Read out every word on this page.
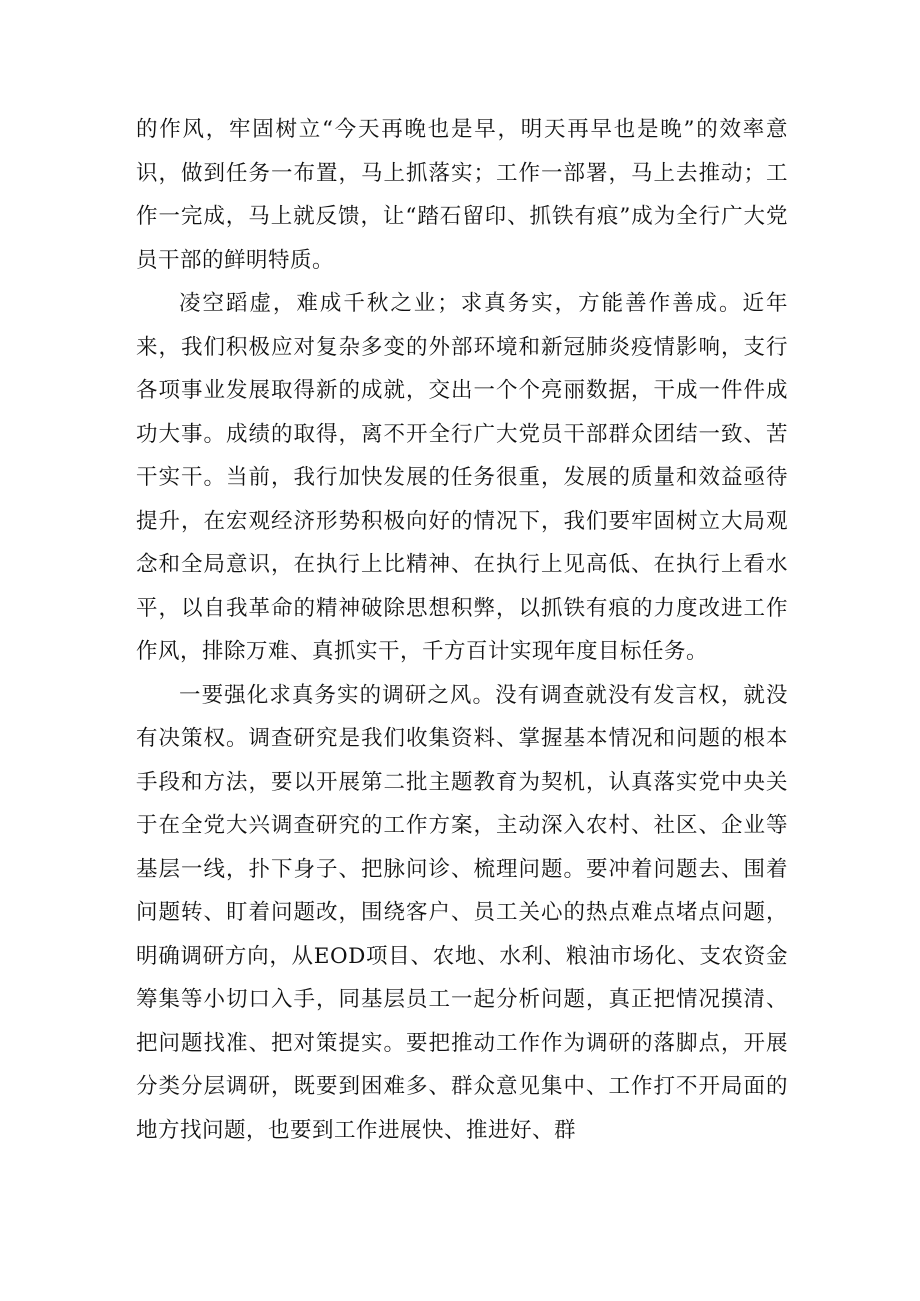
的作风，牢固树立“今天再晚也是早，明天再早也是晚”的效率意识，做到任务一布置，马上抓落实；工作一部署，马上去推动；工作一完成，马上就反馈，让“踏石留印、抓铁有痕”成为全行广大党员干部的鲜明特质。

凌空蹈虚，难成千秋之业；求真务实，方能善作善成。近年来，我们积极应对复杂多变的外部环境和新冠肺炎疫情影响，支行各项事业发展取得新的成就，交出一个个亮丽数据，干成一件件成功大事。成绩的取得，离不开全行广大党员干部群众团结一致、苦干实干。当前，我行加快发展的任务很重，发展的质量和效益亟待提升，在宏观经济形势积极向好的情况下，我们要牢固树立大局观念和全局意识，在执行上比精神、在执行上见高低、在执行上看水平，以自我革命的精神破除思想积弊，以抓铁有痕的力度改进工作作风，排除万难、真抓实干，千方百计实现年度目标任务。

一要强化求真务实的调研之风。没有调查就没有发言权，就没有决策权。调查研究是我们收集资料、掌握基本情况和问题的根本手段和方法，要以开展第二批主题教育为契机，认真落实党中央关于在全党大兴调查研究的工作方案，主动深入农村、社区、企业等基层一线，扑下身子、把脉问诊、梳理问题。要冲着问题去、围着问题转、盯着问题改，围绕客户、员工关心的热点难点堵点问题，明确调研方向，从EOD项目、农地、水利、粮油市场化、支农资金筹集等小切口入手，同基层员工一起分析问题，真正把情况摸清、把问题找准、把对策提实。要把推动工作作为调研的落脚点，开展分类分层调研，既要到困难多、群众意见集中、工作打不开局面的地方找问题，也要到工作进展快、推进好、群
